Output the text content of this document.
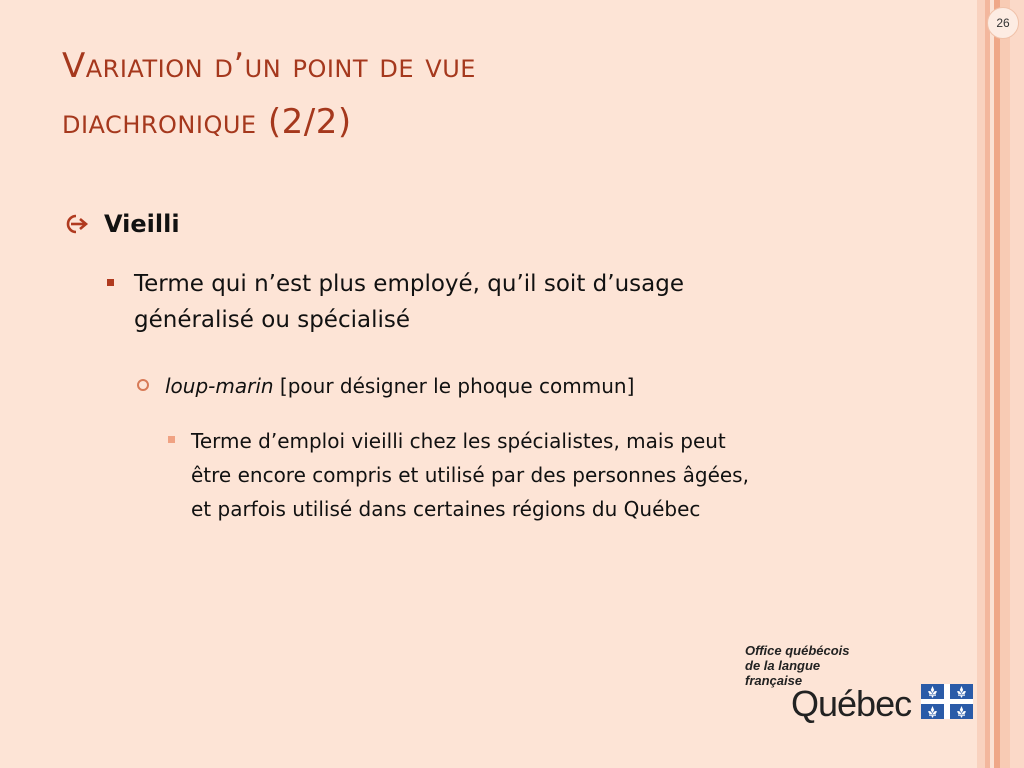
26
Variation d’un point de vue
diachronique (2/2)
Vieilli
Terme qui n’est plus employé, qu’il soit d’usage
généralisé ou spécialisé
loup-marin [pour désigner le phoque commun]
Terme d’emploi vieilli chez les spécialistes, mais peut
être encore compris et utilisé par des personnes âgées,
et parfois utilisé dans certaines régions du Québec
Office québécois
de la langue
française
Québec
